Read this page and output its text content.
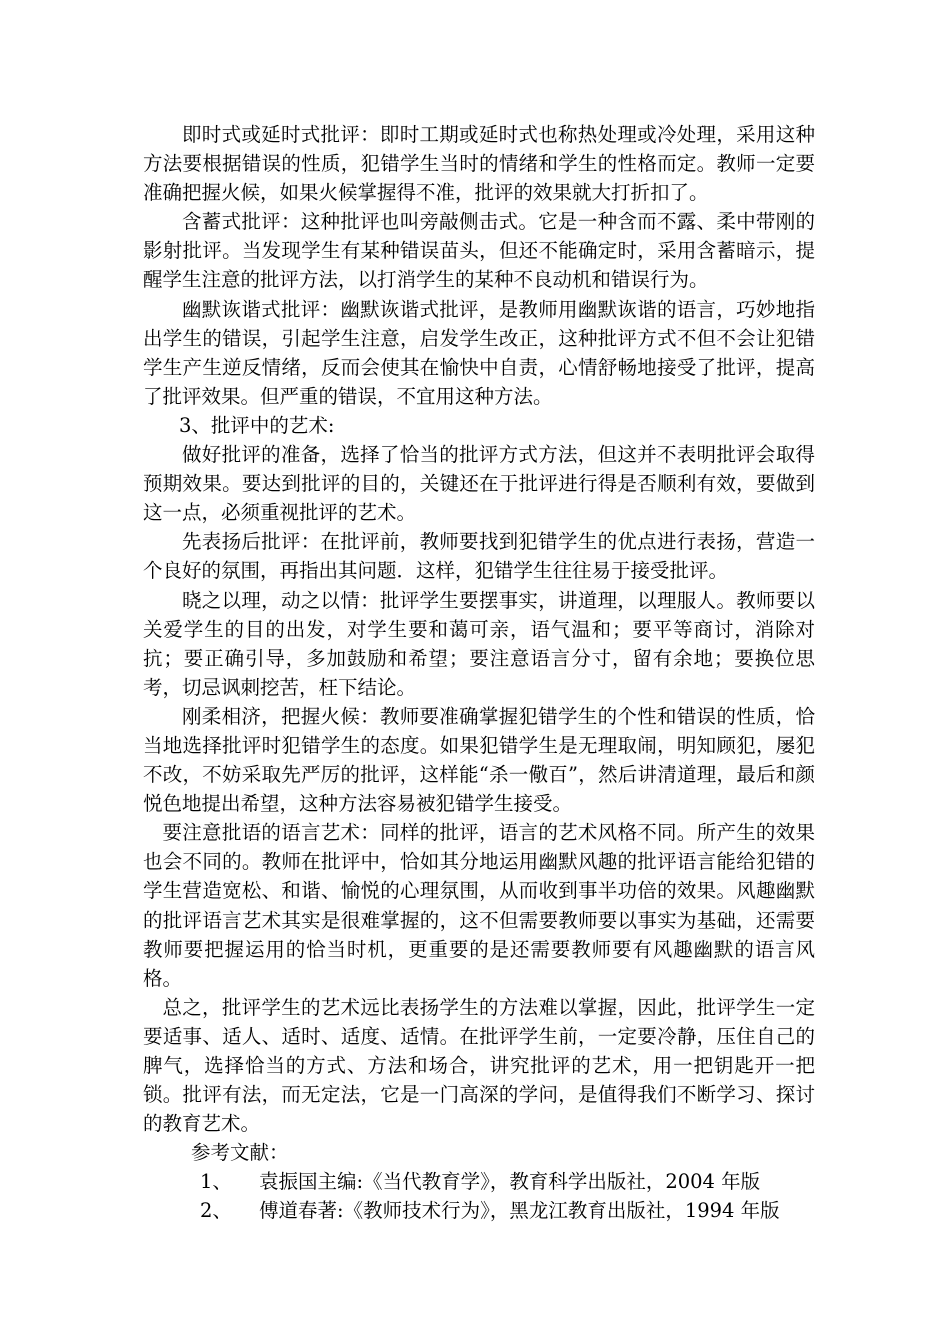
即时式或延时式批评：即时工期或延时式也称热处理或冷处理，采用这种方法要根据错误的性质，犯错学生当时的情绪和学生的性格而定。教师一定要准确把握火候，如果火候掌握得不准，批评的效果就大打折扣了。

含蓄式批评：这种批评也叫旁敲侧击式。它是一种含而不露、柔中带刚的影射批评。当发现学生有某种错误苗头，但还不能确定时，采用含蓄暗示，提醒学生注意的批评方法，以打消学生的某种不良动机和错误行为。

幽默诙谐式批评：幽默诙谐式批评，是教师用幽默诙谐的语言，巧妙地指出学生的错误，引起学生注意，启发学生改正，这种批评方式不但不会让犯错学生产生逆反情绪，反而会使其在愉快中自责，心情舒畅地接受了批评，提高了批评效果。但严重的错误，不宜用这种方法。

3、批评中的艺术:

做好批评的准备，选择了恰当的批评方式方法，但这并不表明批评会取得预期效果。要达到批评的目的，关键还在于批评进行得是否顺利有效，要做到这一点，必须重视批评的艺术。

先表扬后批评：在批评前，教师要找到犯错学生的优点进行表扬，营造一个良好的氛围，再指出其问题．这样，犯错学生往往易于接受批评。

晓之以理，动之以情：批评学生要摆事实，讲道理，以理服人。教师要以关爱学生的目的出发，对学生要和蔼可亲，语气温和；要平等商讨，消除对抗；要正确引导，多加鼓励和希望；要注意语言分寸，留有余地；要换位思考，切忌讽刺挖苦，枉下结论。

刚柔相济，把握火候：教师要准确掌握犯错学生的个性和错误的性质，恰当地选择批评时犯错学生的态度。如果犯错学生是无理取闹，明知顾犯，屡犯不改，不妨采取先严厉的批评，这样能“杀一儆百”，然后讲清道理，最后和颜悦色地提出希望，这种方法容易被犯错学生接受。

要注意批语的语言艺术：同样的批评，语言的艺术风格不同。所产生的效果也会不同的。教师在批评中，恰如其分地运用幽默风趣的批评语言能给犯错的学生营造宽松、和谐、愉悦的心理氛围，从而收到事半功倍的效果。风趣幽默的批评语言艺术其实是很难掌握的，这不但需要教师要以事实为基础，还需要教师要把握运用的恰当时机，更重要的是还需要教师要有风趣幽默的语言风格。

总之，批评学生的艺术远比表扬学生的方法难以掌握，因此，批评学生一定要适事、适人、适时、适度、适情。在批评学生前，一定要冷静，压住自己的脾气，选择恰当的方式、方法和场合，讲究批评的艺术，用一把钥匙开一把锁。批评有法，而无定法，它是一门高深的学问，是值得我们不断学习、探讨的教育艺术。

参考文献：

1、	袁振国主编:《当代教育学》，教育科学出版社，2004 年版
2、	傅道春著:《教师技术行为》，黑龙江教育出版社，1994 年版
